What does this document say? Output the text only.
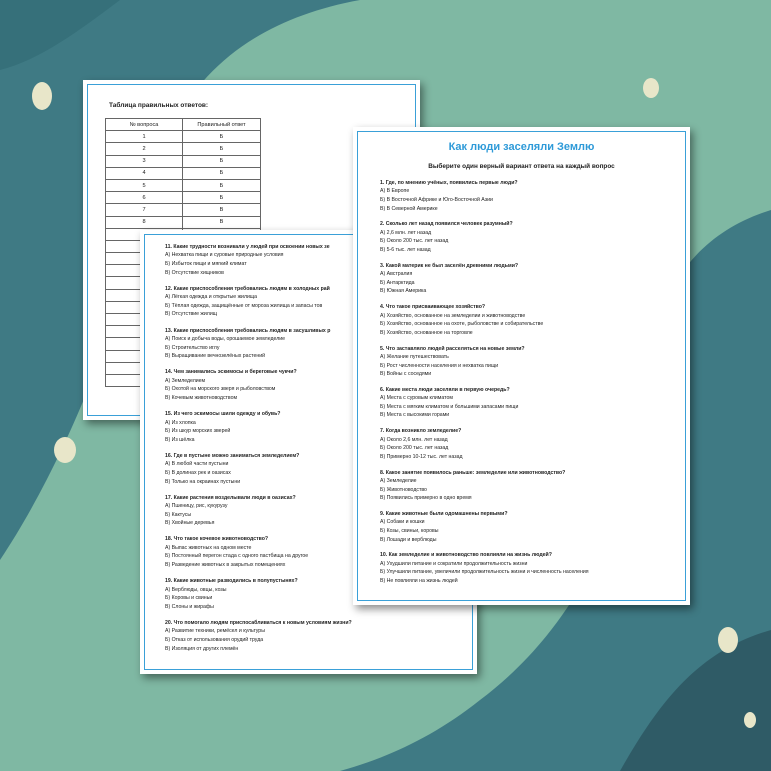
Таблица правильных ответов:
№ вопроса	Правильный ответ
1	Б
2	Б
3	Б
4	Б
5	Б
6	Б
7	В
8	В

11. Какие трудности возникали у людей при освоении новых зе
А) Нехватка пищи и суровые природные условия
Б) Избыток пищи и мягкий климат
В) Отсутствие хищников
12. Какие приспособления требовались людям в холодных рай
А) Лёгкая одежда и открытые жилища
Б) Тёплая одежда, защищённые от мороза жилища и запасы тов
В) Отсутствие жилищ
13. Какие приспособления требовались людям в засушливых р
А) Поиск и добыча воды, орошаемое земледелие
Б) Строительство иглу
В) Выращивание вечнозелёных растений
14. Чем занимались эскимосы и береговые чукчи?
А) Земледелием
Б) Охотой на морского зверя и рыболовством
В) Кочевым животноводством
15. Из чего эскимосы шили одежду и обувь?
А) Из хлопка
Б) Из шкур морских зверей
В) Из шёлка
16. Где в пустыне можно заниматься земледелием?
А) В любой части пустыни
Б) В долинах рек и оазисах
В) Только на окраинах пустыни
17. Какие растения возделывали люди в оазисах?
А) Пшеницу, рис, кукурузу
Б) Кактусы
В) Хвойные деревья
18. Что такое кочевое животноводство?
А) Выпас животных на одном месте
Б) Постоянный перегон стада с одного пастбища на другое
В) Разведение животных в закрытых помещениях
19. Какие животные разводились в полупустынях?
А) Верблюды, овцы, козы
Б) Коровы и свиньи
В) Слоны и жирафы
20. Что помогало людям приспосабливаться к новым условиям жизни?
А) Развитие техники, ремёсел и культуры
Б) Отказ от использования орудий труда
В) Изоляция от других племён
Как люди заселяли Землю
Выберите один верный вариант ответа на каждый вопрос
1. Где, по мнению учёных, появились первые люди?
А) В Европе
Б) В Восточной Африке и Юго-Восточной Азии
В) В Северной Америке
2. Сколько лет назад появился человек разумный?
А) 2,6 млн. лет назад
Б) Около 200 тыс. лет назад
В) 5-6 тыс. лет назад
3. Какой материк не был заселён древними людьми?
А) Австралия
Б) Антарктида
В) Южная Америка
4. Что такое присваивающее хозяйство?
А) Хозяйство, основанное на земледелии и животноводстве
Б) Хозяйство, основанное на охоте, рыболовстве и собирательстве
В) Хозяйство, основанное на торговле
5. Что заставляло людей расселяться на новые земли?
А) Желание путешествовать
Б) Рост численности населения и нехватка пищи
В) Войны с соседями
6. Какие места люди заселяли в первую очередь?
А) Места с суровым климатом
Б) Места с мягким климатом и большими запасами пищи
В) Места с высокими горами
7. Когда возникло земледелие?
А) Около 2,6 млн. лет назад
Б) Около 200 тыс. лет назад
В) Примерно 10-12 тыс. лет назад
8. Какое занятие появилось раньше: земледелие или животноводство?
А) Земледелие
Б) Животноводство
В) Появились примерно в одно время
9. Какие животные были одомашнены первыми?
А) Собаки и кошки
Б) Козы, свиньи, коровы
В) Лошади и верблюды
10. Как земледелие и животноводство повлияли на жизнь людей?
А) Ухудшили питание и сократили продолжительность жизни
Б) Улучшили питание, увеличили продолжительность жизни и численность населения
В) Не повлияли на жизнь людей
